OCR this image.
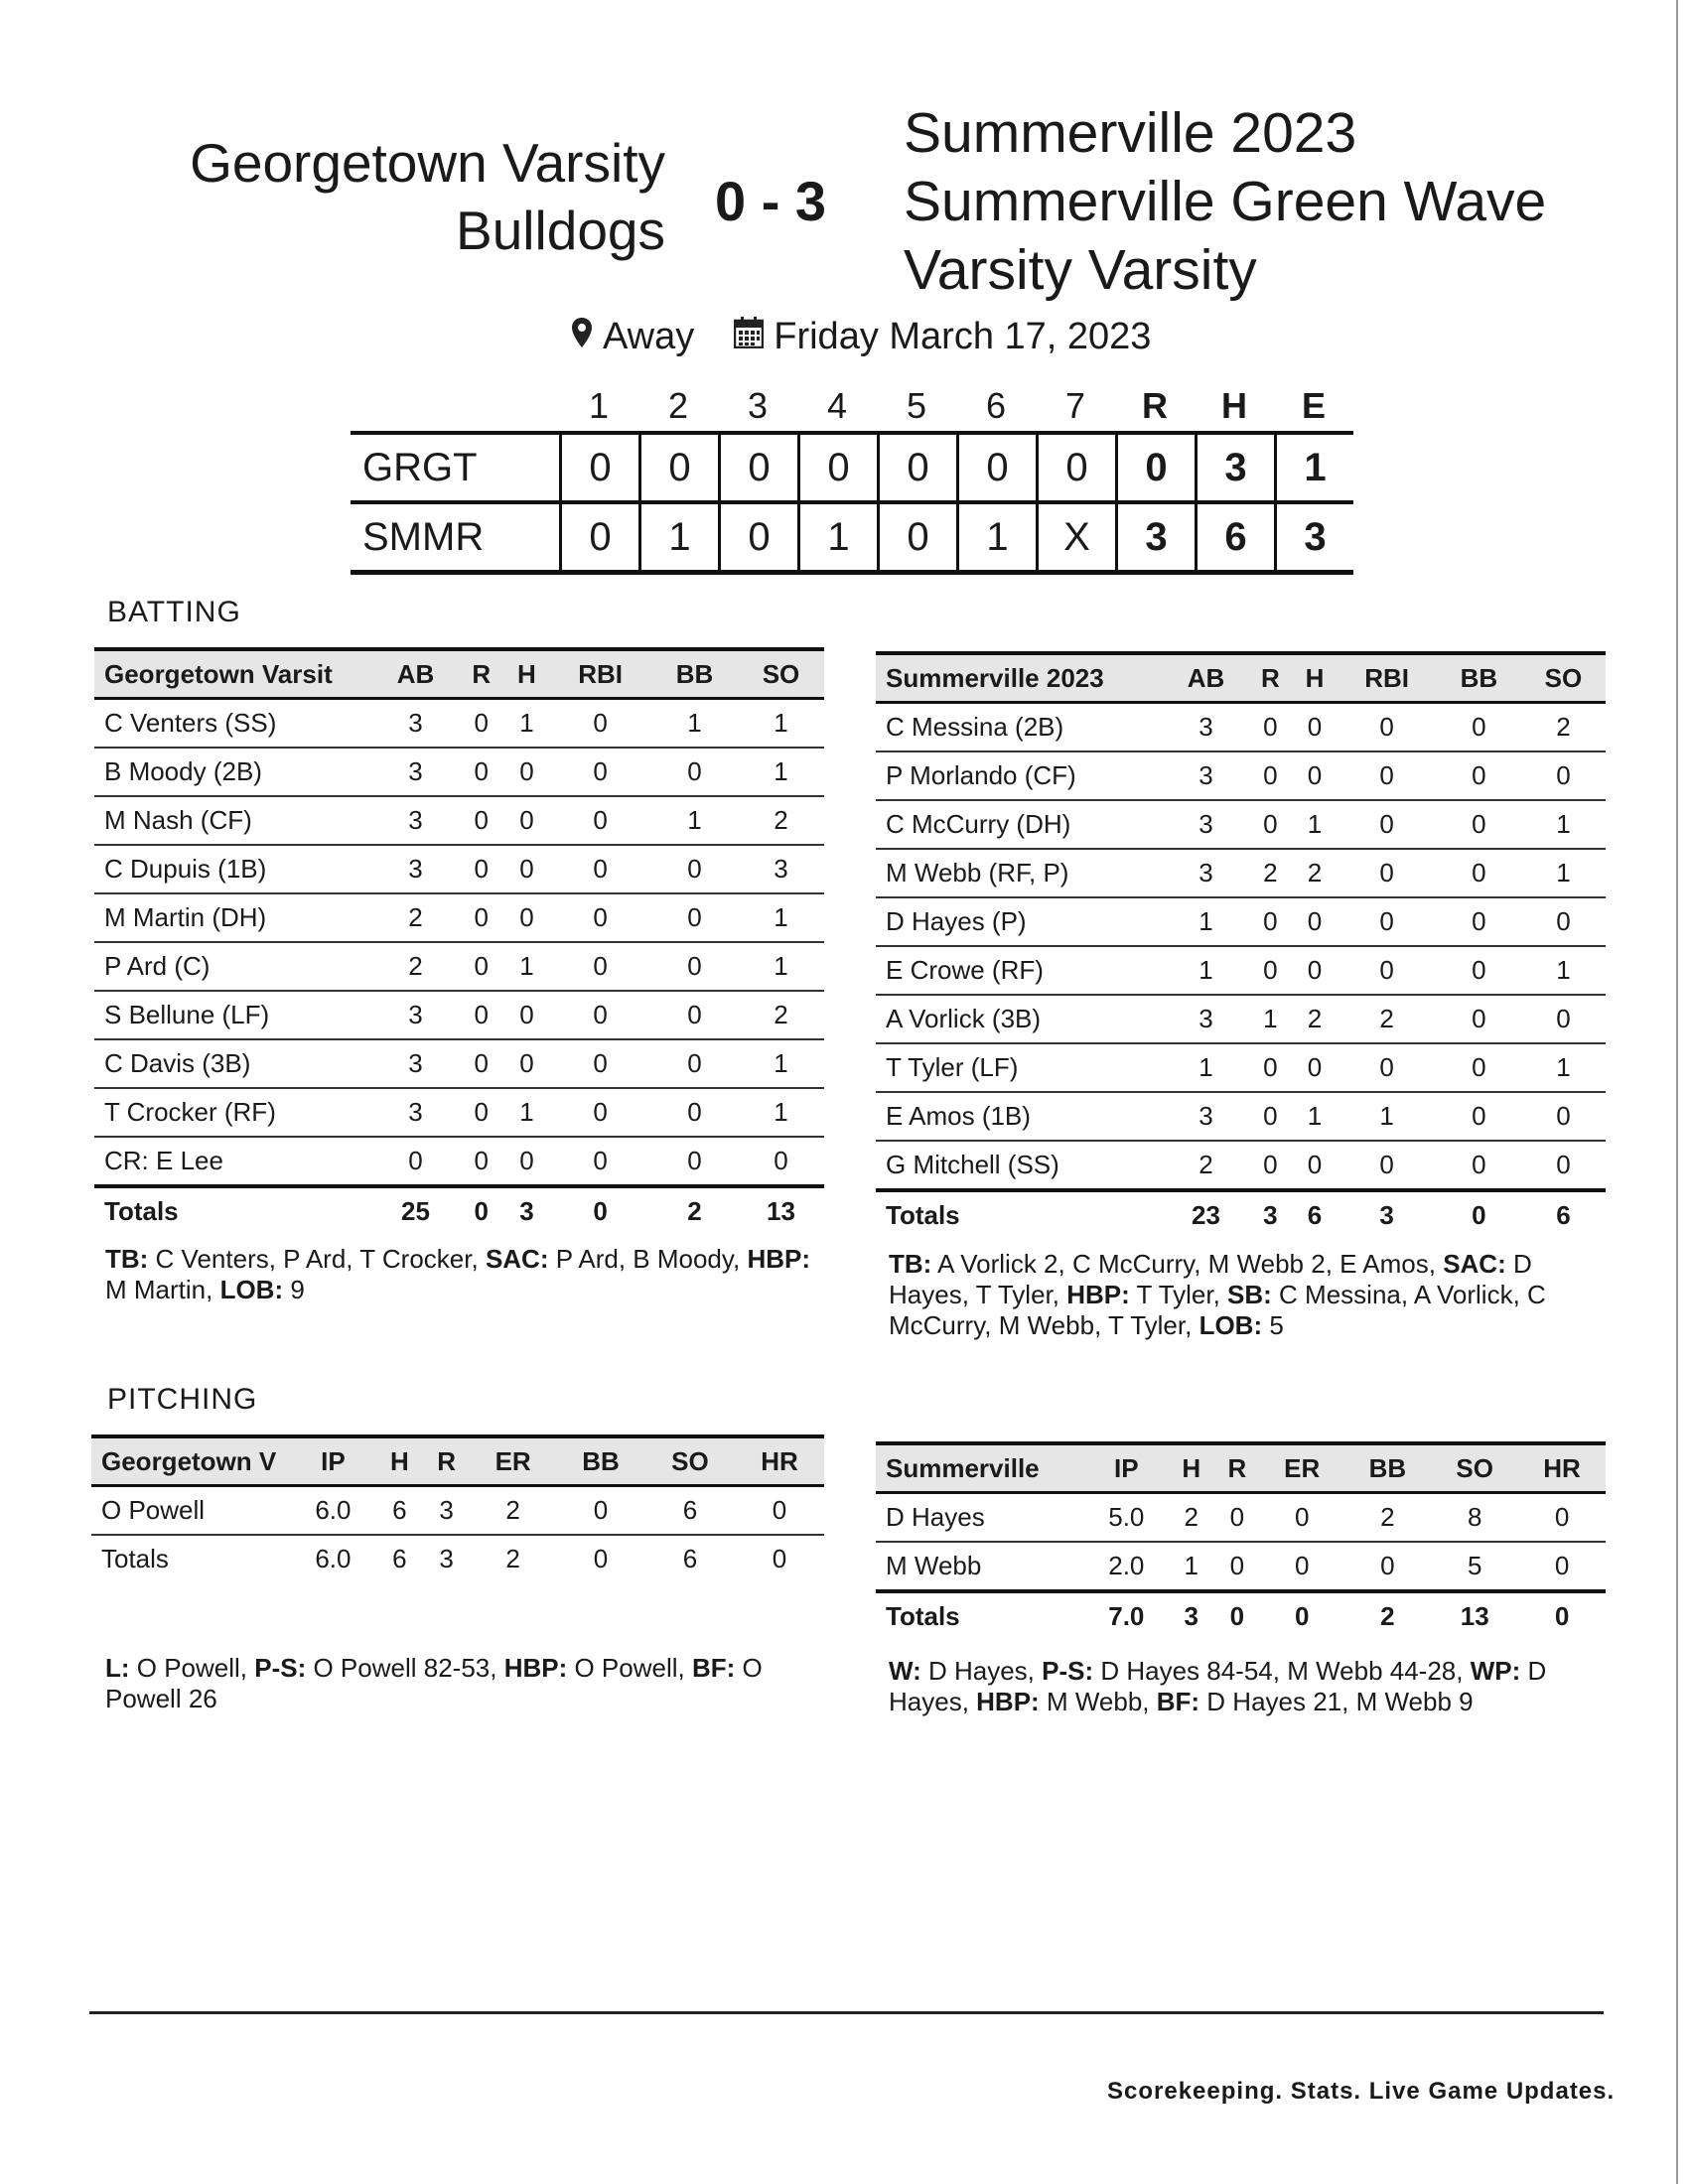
Georgetown Varsity
Bulldogs 0 - 3
Summerville 2023
Summerville Green Wave
Varsity Varsity
Away Friday March 17, 2023
1	2	3	4	5	6	7	R	H	E
GRGT	0	0	0	0	0	0	0	0	3	1
SMMR	0	1	0	1	0	1	X	3	6	3
BATTING
Georgetown Varsit	AB	R	H	RBI	BB	SO
C Venters (SS)	3	0	1	0	1	1
B Moody (2B)	3	0	0	0	0	1
M Nash (CF)	3	0	0	0	1	2
C Dupuis (1B)	3	0	0	0	0	3
M Martin (DH)	2	0	0	0	0	1
P Ard (C)	2	0	1	0	0	1
S Bellune (LF)	3	0	0	0	0	2
C Davis (3B)	3	0	0	0	0	1
T Crocker (RF)	3	0	1	0	0	1
CR: E Lee	0	0	0	0	0	0
Totals	25	0	3	0	2	13
Summerville 2023	AB	R	H	RBI	BB	SO
C Messina (2B)	3	0	0	0	0	2
P Morlando (CF)	3	0	0	0	0	0
C McCurry (DH)	3	0	1	0	0	1
M Webb (RF, P)	3	2	2	0	0	1
D Hayes (P)	1	0	0	0	0	0
E Crowe (RF)	1	0	0	0	0	1
A Vorlick (3B)	3	1	2	2	0	0
T Tyler (LF)	1	0	0	0	0	1
E Amos (1B)	3	0	1	1	0	0
G Mitchell (SS)	2	0	0	0	0	0
Totals	23	3	6	3	0	6
TB: C Venters, P Ard, T Crocker, SAC: P Ard, B Moody, HBP: M Martin, LOB: 9
TB: A Vorlick 2, C McCurry, M Webb 2, E Amos, SAC: D Hayes, T Tyler, HBP: T Tyler, SB: C Messina, A Vorlick, C McCurry, M Webb, T Tyler, LOB: 5
PITCHING
Georgetown V	IP	H	R	ER	BB	SO	HR
O Powell	6.0	6	3	2	0	6	0
Totals	6.0	6	3	2	0	6	0
Summerville	IP	H	R	ER	BB	SO	HR
D Hayes	5.0	2	0	0	2	8	0
M Webb	2.0	1	0	0	0	5	0
Totals	7.0	3	0	0	2	13	0
L: O Powell, P-S: O Powell 82-53, HBP: O Powell, BF: O Powell 26
W: D Hayes, P-S: D Hayes 84-54, M Webb 44-28, WP: D Hayes, HBP: M Webb, BF: D Hayes 21, M Webb 9
Scorekeeping. Stats. Live Game Updates.
